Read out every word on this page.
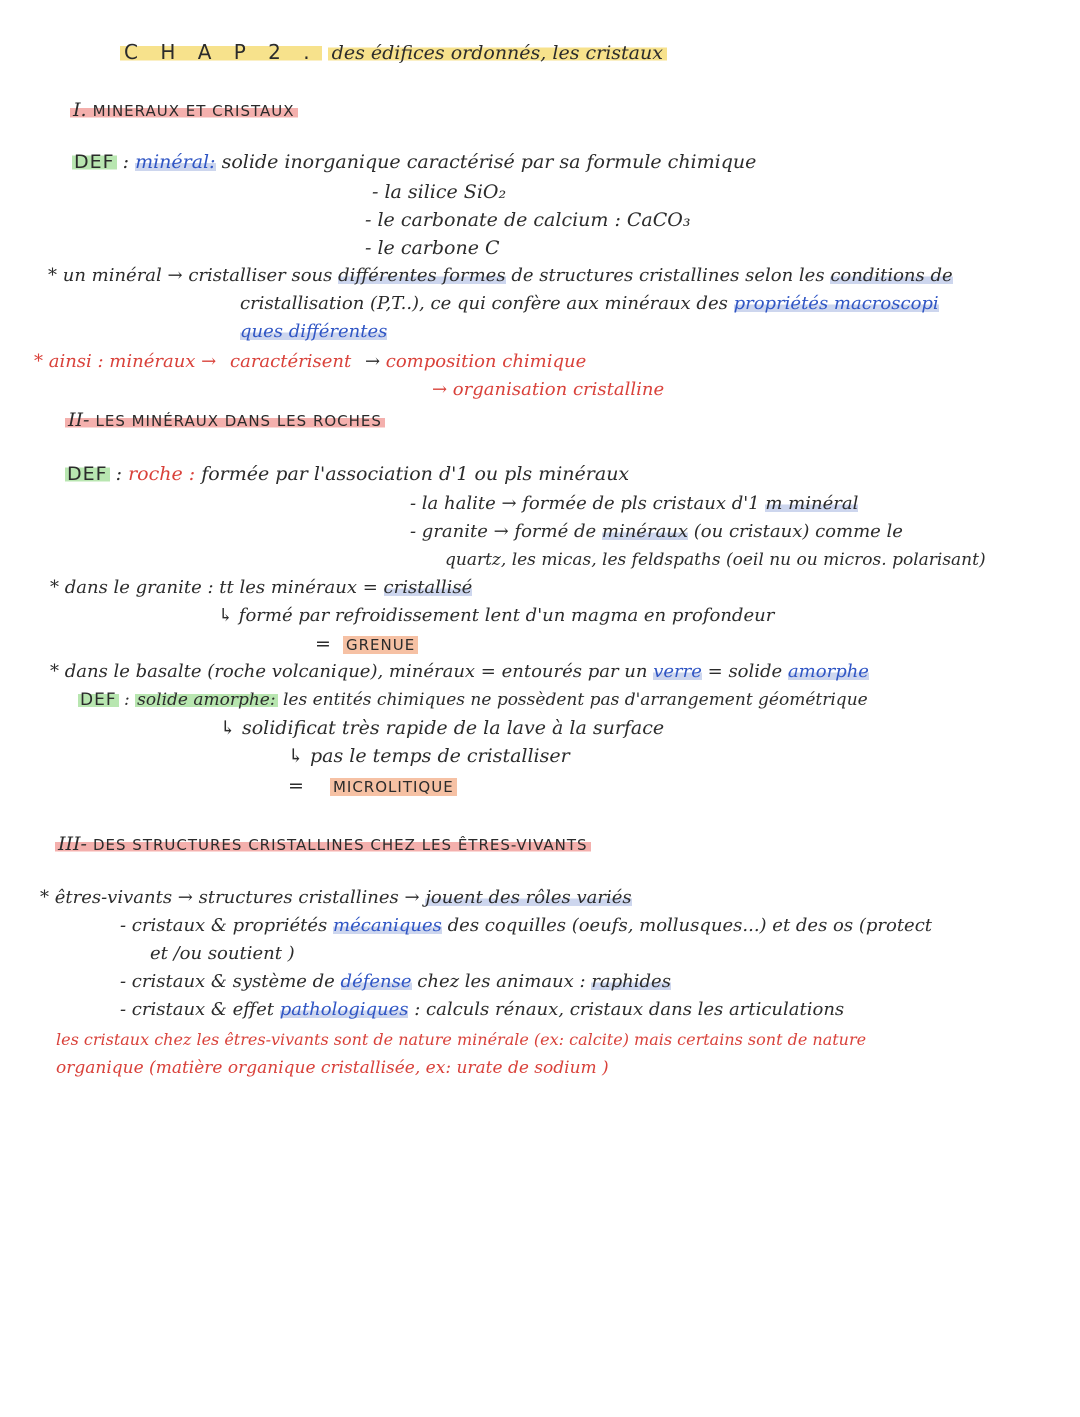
C H A P 2 . des édifices ordonnés, les cristaux
I. MINERAUX ET CRISTAUX
DEF : minéral: solide inorganique caractérisé par sa formule chimique
- la silice SiO₂
- le carbonate de calcium : CaCO₃
- le carbone C
* un minéral → cristalliser sous différentes formes de structures cristallines selon les conditions de
cristallisation (P,T..), ce qui confère aux minéraux des propriétés macroscopi
ques différentes
* ainsi : minéraux → caractérisent → composition chimique
→ organisation cristalline
II- LES MINÉRAUX DANS LES ROCHES
DEF : roche : formée par l'association d'1 ou pls minéraux
- la halite → formée de pls cristaux d'1 m minéral
- granite → formé de minéraux (ou cristaux) comme le
quartz, les micas, les feldspaths (oeil nu ou micros. polarisant)
* dans le granite : tt les minéraux = cristallisé
↳ formé par refroidissement lent d'un magma en profondeur
= GRENUE
* dans le basalte (roche volcanique), minéraux = entourés par un verre = solide amorphe
DEF : solide amorphe: les entités chimiques ne possèdent pas d'arrangement géométrique
↳ solidificat très rapide de la lave à la surface
↳ pas le temps de cristalliser
= MICROLITIQUE
III- DES STRUCTURES CRISTALLINES CHEZ LES ÊTRES-VIVANTS
* êtres-vivants → structures cristallines → jouent des rôles variés
- cristaux & propriétés mécaniques des coquilles (oeufs, mollusques...) et des os (protect
et /ou soutient )
- cristaux & système de défense chez les animaux : raphides
- cristaux & effet pathologiques : calculs rénaux, cristaux dans les articulations
les cristaux chez les êtres-vivants sont de nature minérale (ex: calcite) mais certains sont de nature
organique (matière organique cristallisée, ex: urate de sodium )
